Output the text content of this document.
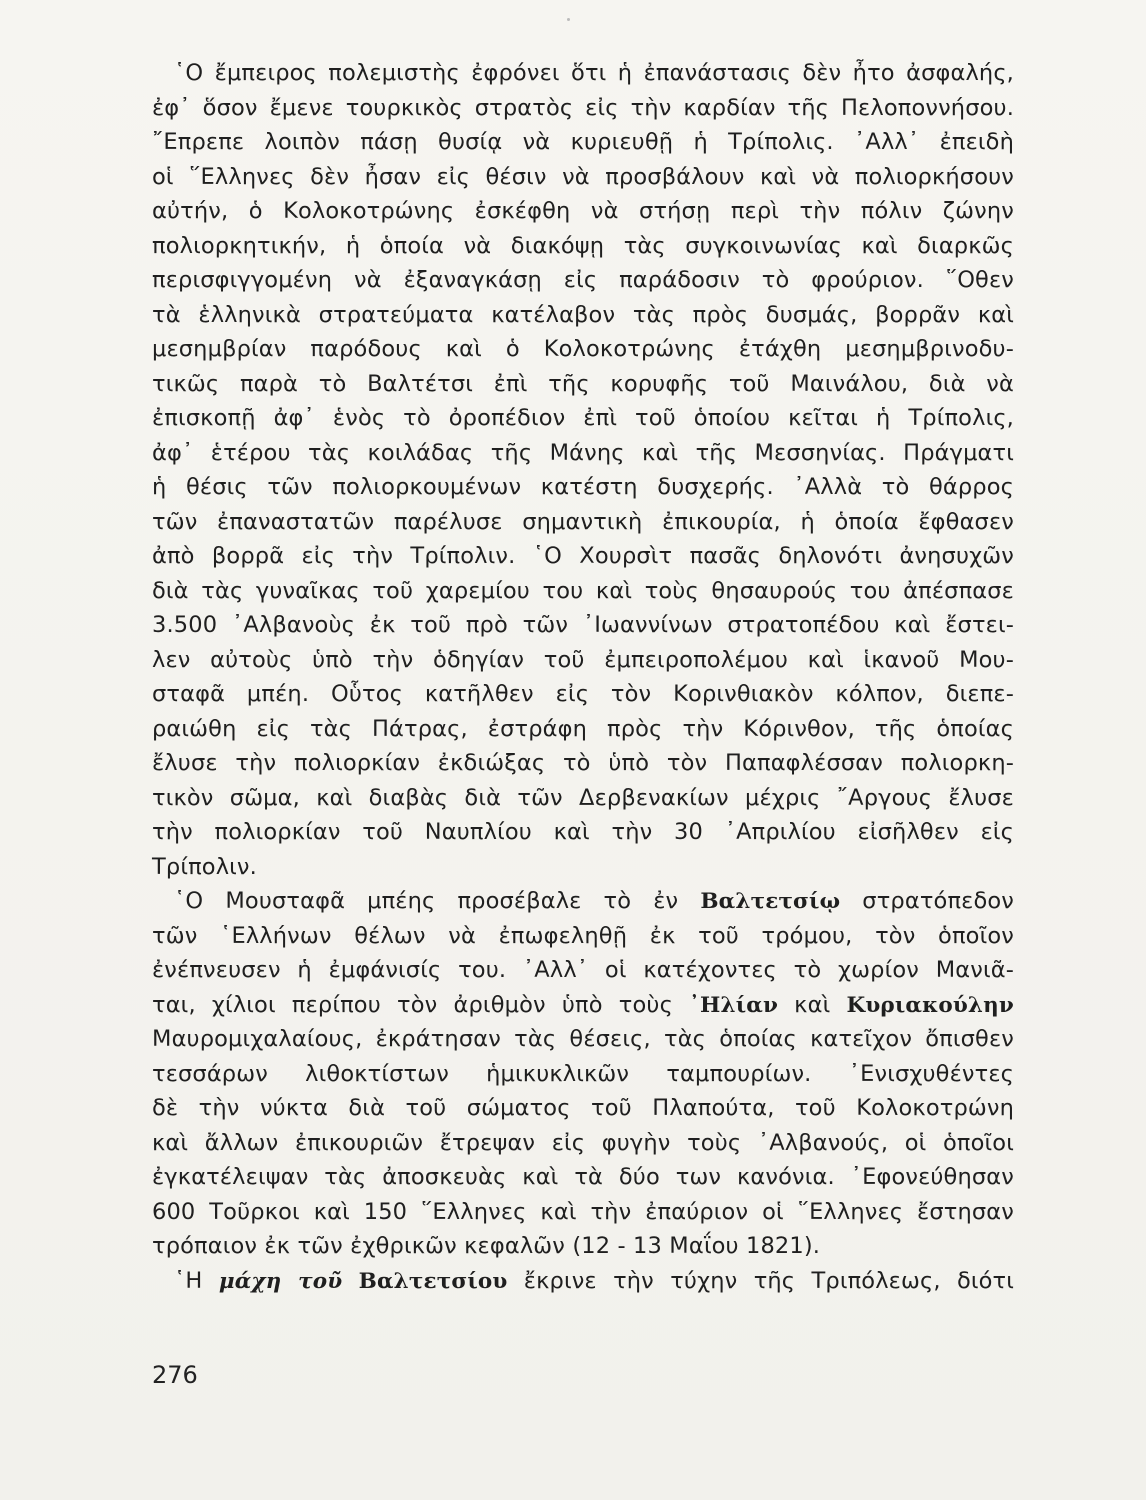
῾Ο ἔμπειρος πολεμιστὴς ἐφρόνει ὅτι ἡ ἐπανάστασις δὲν ἦτο ἀσφαλής,
ἐφ᾿ ὅσον ἔμενε τουρκικὸς στρατὸς εἰς τὴν καρδίαν τῆς Πελοποννήσου.
῎Επρεπε λοιπὸν πάσῃ θυσίᾳ νὰ κυριευθῇ ἡ Τρίπολις. ᾿Αλλ᾿ ἐπειδὴ
οἱ ῞Ελληνες δὲν ἦσαν εἰς θέσιν νὰ προσβάλουν καὶ νὰ πολιορκήσουν
αὐτήν, ὁ Κολοκοτρώνης ἐσκέφθη νὰ στήσῃ περὶ τὴν πόλιν ζώνην
πολιορκητικήν, ἡ ὁποία νὰ διακόψῃ τὰς συγκοινωνίας καὶ διαρκῶς
περισφιγγομένη νὰ ἐξαναγκάσῃ εἰς παράδοσιν τὸ φρούριον. ῞Οθεν
τὰ ἑλληνικὰ στρατεύματα κατέλαβον τὰς πρὸς δυσμάς, βορρᾶν καὶ
μεσημβρίαν παρόδους καὶ ὁ Κολοκοτρώνης ἐτάχθη μεσημβρινοδυ-
τικῶς παρὰ τὸ Βαλτέτσι ἐπὶ τῆς κορυφῆς τοῦ Μαινάλου, διὰ νὰ
ἐπισκοπῇ ἀφ᾿ ἑνὸς τὸ ὀροπέδιον ἐπὶ τοῦ ὁποίου κεῖται ἡ Τρίπολις,
ἀφ᾿ ἑτέρου τὰς κοιλάδας τῆς Μάνης καὶ τῆς Μεσσηνίας. Πράγματι
ἡ θέσις τῶν πολιορκουμένων κατέστη δυσχερής. ᾿Αλλὰ τὸ θάρρος
τῶν ἐπαναστατῶν παρέλυσε σημαντικὴ ἐπικουρία, ἡ ὁποία ἔφθασεν
ἀπὸ βορρᾶ εἰς τὴν Τρίπολιν. ῾Ο Χουρσὶτ πασᾶς δηλονότι ἀνησυχῶν
διὰ τὰς γυναῖκας τοῦ χαρεμίου του καὶ τοὺς θησαυρούς του ἀπέσπασε
3.500 ᾿Αλβανοὺς ἐκ τοῦ πρὸ τῶν ᾿Ιωαννίνων στρατοπέδου καὶ ἔστει-
λεν αὐτοὺς ὑπὸ τὴν ὁδηγίαν τοῦ ἐμπειροπολέμου καὶ ἱκανοῦ Μου-
σταφᾶ μπέη. Οὗτος κατῆλθεν εἰς τὸν Κορινθιακὸν κόλπον, διεπε-
ραιώθη εἰς τὰς Πάτρας, ἐστράφη πρὸς τὴν Κόρινθον, τῆς ὁποίας
ἔλυσε τὴν πολιορκίαν ἐκδιώξας τὸ ὑπὸ τὸν Παπαφλέσσαν πολιορκη-
τικὸν σῶμα, καὶ διαβὰς διὰ τῶν Δερβενακίων μέχρις ῎Αργους ἔλυσε
τὴν πολιορκίαν τοῦ Ναυπλίου καὶ τὴν 30 ᾿Απριλίου εἰσῆλθεν εἰς
Τρίπολιν.
῾Ο Μουσταφᾶ μπέης προσέβαλε τὸ ἐν Βαλτετσίῳ στρατόπεδον
τῶν ῾Ελλήνων θέλων νὰ ἐπωφεληθῇ ἐκ τοῦ τρόμου, τὸν ὁποῖον
ἐνέπνευσεν ἡ ἐμφάνισίς του. ᾿Αλλ᾿ οἱ κατέχοντες τὸ χωρίον Μανιᾶ-
ται, χίλιοι περίπου τὸν ἀριθμὸν ὑπὸ τοὺς ᾿Ηλίαν καὶ Κυριακούλην
Μαυρομιχαλαίους, ἐκράτησαν τὰς θέσεις, τὰς ὁποίας κατεῖχον ὄπισθεν
τεσσάρων λιθοκτίστων ἡμικυκλικῶν ταμπουρίων. ᾿Ενισχυθέντες
δὲ τὴν νύκτα διὰ τοῦ σώματος τοῦ Πλαπούτα, τοῦ Κολοκοτρώνη
καὶ ἄλλων ἐπικουριῶν ἔτρεψαν εἰς φυγὴν τοὺς ᾿Αλβανούς, οἱ ὁποῖοι
ἐγκατέλειψαν τὰς ἀποσκευὰς καὶ τὰ δύο των κανόνια. ᾿Εφονεύθησαν
600 Τοῦρκοι καὶ 150 ῞Ελληνες καὶ τὴν ἐπαύριον οἱ ῞Ελληνες ἔστησαν
τρόπαιον ἐκ τῶν ἐχθρικῶν κεφαλῶν (12 - 13 Μαΐου 1821).
῾Η μάχη τοῦ Βαλτετσίου ἔκρινε τὴν τύχην τῆς Τριπόλεως, διότι
276
